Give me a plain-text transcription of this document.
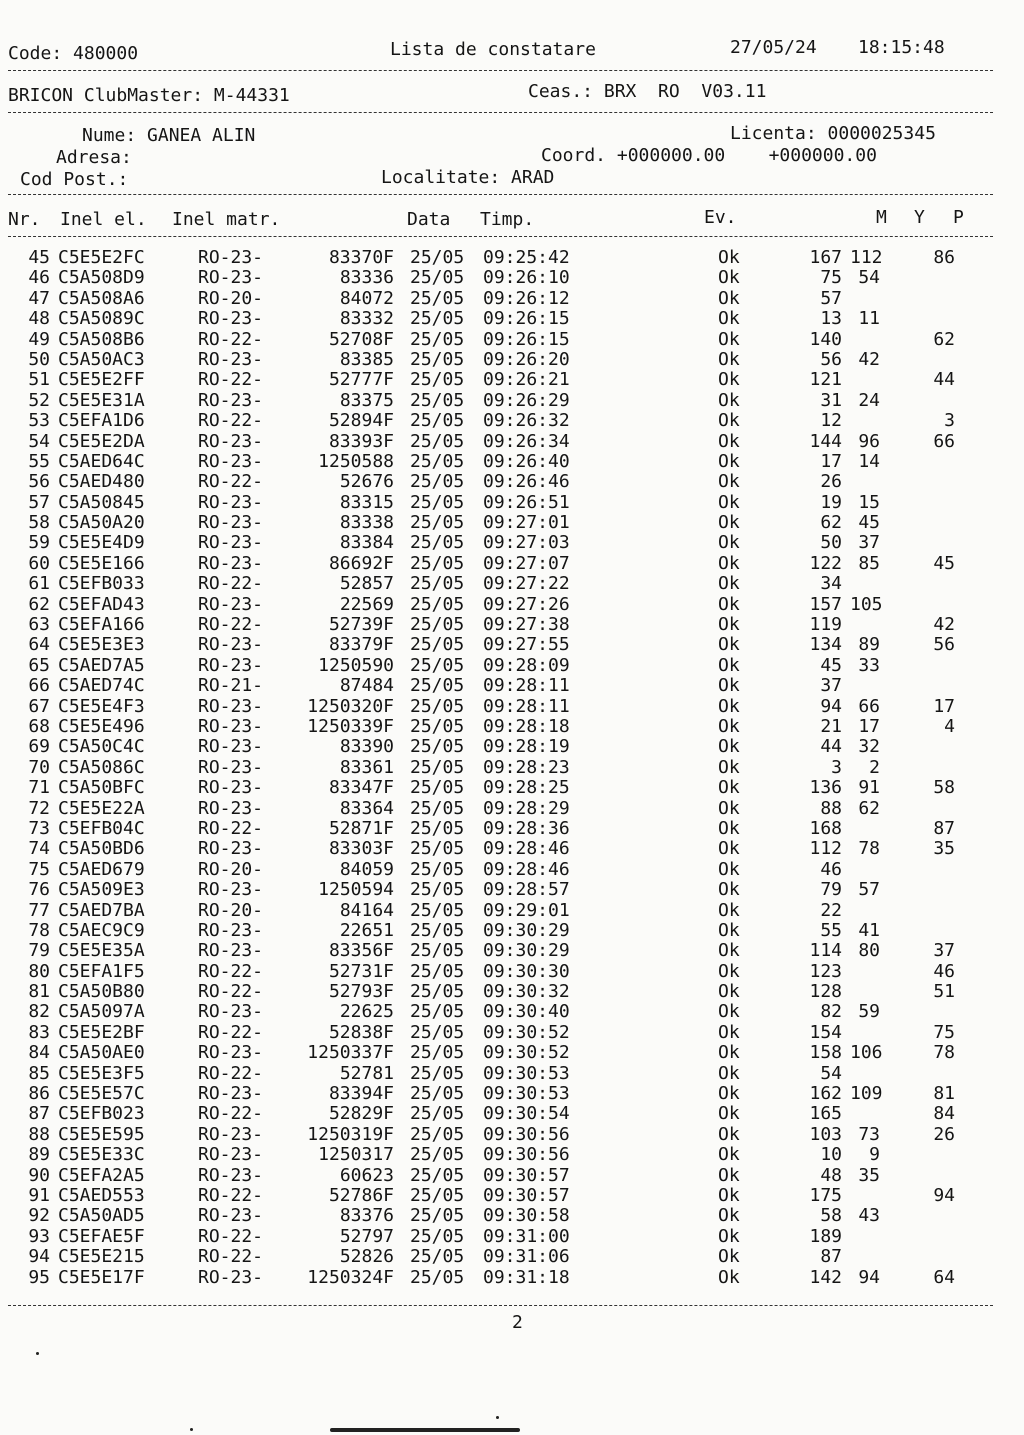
Code: 480000	Lista de constatare	27/05/24 18:15:48
BRICON ClubMaster: M-44331	Ceas.: BRX  RO  V03.11
Nume: GANEA ALIN	Licenta: 0000025345
Adresa:	Coord. +000000.00    +000000.00
Cod Post.:	Localitate: ARAD
Nr. Inel el. Inel matr.	Data Timp.	Ev.	M Y P
45 C5E5E2FC	RO-23-	83370F 25/05 09:25:42	Ok	167 112	86
46 C5A508D9	RO-23-	83336 25/05 09:26:10	Ok	75 54
47 C5A508A6	RO-20-	84072 25/05 09:26:12	Ok	57
48 C5A5089C	RO-23-	83332 25/05 09:26:15	Ok	13 11
49 C5A508B6	RO-22-	52708F 25/05 09:26:15	Ok	140	62
50 C5A50AC3	RO-23-	83385 25/05 09:26:20	Ok	56 42
51 C5E5E2FF	RO-22-	52777F 25/05 09:26:21	Ok	121	44
52 C5E5E31A	RO-23-	83375 25/05 09:26:29	Ok	31 24
53 C5EFA1D6	RO-22-	52894F 25/05 09:26:32	Ok	12	3
54 C5E5E2DA	RO-23-	83393F 25/05 09:26:34	Ok	144 96	66
55 C5AED64C	RO-23-	1250588 25/05 09:26:40	Ok	17 14
56 C5AED480	RO-22-	52676 25/05 09:26:46	Ok	26
57 C5A50845	RO-23-	83315 25/05 09:26:51	Ok	19 15
58 C5A50A20	RO-23-	83338 25/05 09:27:01	Ok	62 45
59 C5E5E4D9	RO-23-	83384 25/05 09:27:03	Ok	50 37
60 C5E5E166	RO-23-	86692F 25/05 09:27:07	Ok	122 85	45
61 C5EFB033	RO-22-	52857 25/05 09:27:22	Ok	34
62 C5EFAD43	RO-23-	22569 25/05 09:27:26	Ok	157 105
63 C5EFA166	RO-22-	52739F 25/05 09:27:38	Ok	119	42
64 C5E5E3E3	RO-23-	83379F 25/05 09:27:55	Ok	134 89	56
65 C5AED7A5	RO-23-	1250590 25/05 09:28:09	Ok	45 33
66 C5AED74C	RO-21-	87484 25/05 09:28:11	Ok	37
67 C5E5E4F3	RO-23-	1250320F 25/05 09:28:11	Ok	94 66	17
68 C5E5E496	RO-23-	1250339F 25/05 09:28:18	Ok	21 17	4
69 C5A50C4C	RO-23-	83390 25/05 09:28:19	Ok	44 32
70 C5A5086C	RO-23-	83361 25/05 09:28:23	Ok	3	2
71 C5A50BFC	RO-23-	83347F 25/05 09:28:25	Ok	136 91	58
72 C5E5E22A	RO-23-	83364 25/05 09:28:29	Ok	88 62
73 C5EFB04C	RO-22-	52871F 25/05 09:28:36	Ok	168	87
74 C5A50BD6	RO-23-	83303F 25/05 09:28:46	Ok	112 78	35
75 C5AED679	RO-20-	84059 25/05 09:28:46	Ok	46
76 C5A509E3	RO-23-	1250594 25/05 09:28:57	Ok	79 57
77 C5AED7BA	RO-20-	84164 25/05 09:29:01	Ok	22
78 C5AEC9C9	RO-23-	22651 25/05 09:30:29	Ok	55 41
79 C5E5E35A	RO-23-	83356F 25/05 09:30:29	Ok	114 80	37
80 C5EFA1F5	RO-22-	52731F 25/05 09:30:30	Ok	123	46
81 C5A50B80	RO-22-	52793F 25/05 09:30:32	Ok	128	51
82 C5A5097A	RO-23-	22625 25/05 09:30:40	Ok	82 59
83 C5E5E2BF	RO-22-	52838F 25/05 09:30:52	Ok	154	75
84 C5A50AE0	RO-23-	1250337F 25/05 09:30:52	Ok	158 106	78
85 C5E5E3F5	RO-22-	52781 25/05 09:30:53	Ok	54
86 C5E5E57C	RO-23-	83394F 25/05 09:30:53	Ok	162 109	81
87 C5EFB023	RO-22-	52829F 25/05 09:30:54	Ok	165	84
88 C5E5E595	RO-23-	1250319F 25/05 09:30:56	Ok	103 73	26
89 C5E5E33C	RO-23-	1250317 25/05 09:30:56	Ok	10	9
90 C5EFA2A5	RO-23-	60623 25/05 09:30:57	Ok	48 35
91 C5AED553	RO-22-	52786F 25/05 09:30:57	Ok	175	94
92 C5A50AD5	RO-23-	83376 25/05 09:30:58	Ok	58 43
93 C5EFAE5F	RO-22-	52797 25/05 09:31:00	Ok	189
94 C5E5E215	RO-22-	52826 25/05 09:31:06	Ok	87
95 C5E5E17F	RO-23-	1250324F 25/05 09:31:18	Ok	142 94	64
2
